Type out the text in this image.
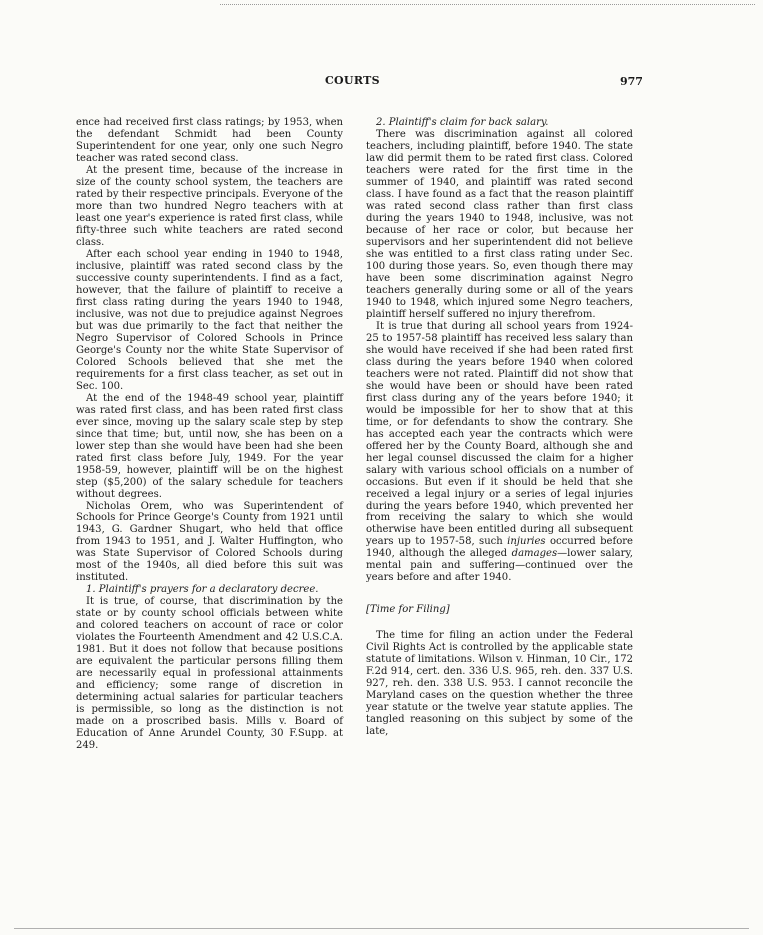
COURTS	977

ence had received first class ratings; by 1953, when the defendant Schmidt had been County Superintendent for one year, only one such Negro teacher was rated second class.

At the present time, because of the increase in size of the county school system, the teachers are rated by their respective principals. Everyone of the more than two hundred Negro teachers with at least one year's experience is rated first class, while fifty-three such white teachers are rated second class.

After each school year ending in 1940 to 1948, inclusive, plaintiff was rated second class by the successive county superintendents. I find as a fact, however, that the failure of plaintiff to receive a first class rating during the years 1940 to 1948, inclusive, was not due to prejudice against Negroes but was due primarily to the fact that neither the Negro Supervisor of Colored Schools in Prince George's County nor the white State Supervisor of Colored Schools believed that she met the requirements for a first class teacher, as set out in Sec. 100.

At the end of the 1948-49 school year, plaintiff was rated first class, and has been rated first class ever since, moving up the salary scale step by step since that time; but, until now, she has been on a lower step than she would have been had she been rated first class before July, 1949. For the year 1958-59, however, plaintiff will be on the highest step ($5,200) of the salary schedule for teachers without degrees.

Nicholas Orem, who was Superintendent of Schools for Prince George's County from 1921 until 1943, G. Gardner Shugart, who held that office from 1943 to 1951, and J. Walter Huffington, who was State Supervisor of Colored Schools during most of the 1940s, all died before this suit was instituted.

1. Plaintiff's prayers for a declaratory decree.

It is true, of course, that discrimination by the state or by county school officials between white and colored teachers on account of race or color violates the Fourteenth Amendment and 42 U.S.C.A. 1981. But it does not follow that because positions are equivalent the particular persons filling them are necessarily equal in professional attainments and efficiency; some range of discretion in determining actual salaries for particular teachers is permissible, so long as the distinction is not made on a proscribed basis. Mills v. Board of Education of Anne Arundel County, 30 F.Supp. at 249.

2. Plaintiff's claim for back salary.

There was discrimination against all colored teachers, including plaintiff, before 1940. The state law did permit them to be rated first class. Colored teachers were rated for the first time in the summer of 1940, and plaintiff was rated second class. I have found as a fact that the reason plaintiff was rated second class rather than first class during the years 1940 to 1948, inclusive, was not because of her race or color, but because her supervisors and her superintendent did not believe she was entitled to a first class rating under Sec. 100 during those years. So, even though there may have been some discrimination against Negro teachers generally during some or all of the years 1940 to 1948, which injured some Negro teachers, plaintiff herself suffered no injury therefrom.

It is true that during all school years from 1924-25 to 1957-58 plaintiff has received less salary than she would have received if she had been rated first class during the years before 1940 when colored teachers were not rated. Plaintiff did not show that she would have been or should have been rated first class during any of the years before 1940; it would be impossible for her to show that at this time, or for defendants to show the contrary. She has accepted each year the contracts which were offered her by the County Board, although she and her legal counsel discussed the claim for a higher salary with various school officials on a number of occasions. But even if it should be held that she received a legal injury or a series of legal injuries during the years before 1940, which prevented her from receiving the salary to which she would otherwise have been entitled during all subsequent years up to 1957-58, such injuries occurred before 1940, although the alleged damages—lower salary, mental pain and suffering—continued over the years before and after 1940.

[Time for Filing]

The time for filing an action under the Federal Civil Rights Act is controlled by the applicable state statute of limitations. Wilson v. Hinman, 10 Cir., 172 F.2d 914, cert. den. 336 U.S. 965, reh. den. 337 U.S. 927, reh. den. 338 U.S. 953. I cannot reconcile the Maryland cases on the question whether the three year statute or the twelve year statute applies. The tangled reasoning on this subject by some of the late,
